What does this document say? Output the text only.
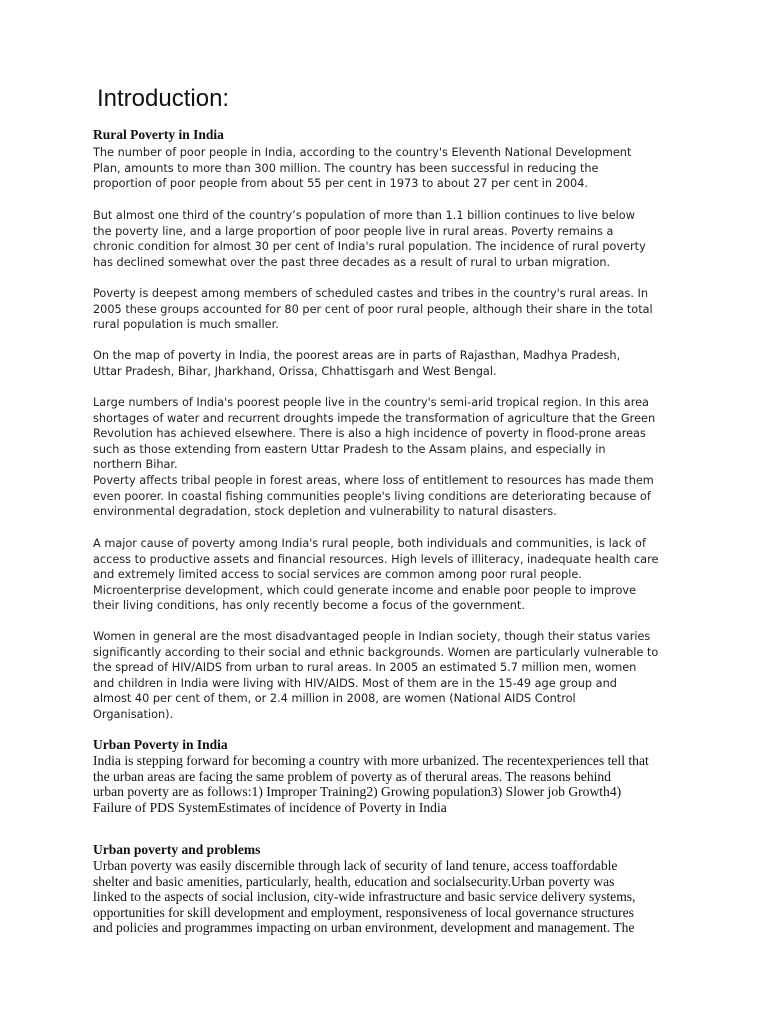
Introduction:
Rural Poverty in India
The number of poor people in India, according to the country's Eleventh National Development
Plan, amounts to more than 300 million. The country has been successful in reducing the
proportion of poor people from about 55 per cent in 1973 to about 27 per cent in 2004.
But almost one third of the country’s population of more than 1.1 billion continues to live below
the poverty line, and a large proportion of poor people live in rural areas. Poverty remains a
chronic condition for almost 30 per cent of India's rural population. The incidence of rural poverty
has declined somewhat over the past three decades as a result of rural to urban migration.
Poverty is deepest among members of scheduled castes and tribes in the country's rural areas. In
2005 these groups accounted for 80 per cent of poor rural people, although their share in the total
rural population is much smaller.
On the map of poverty in India, the poorest areas are in parts of Rajasthan, Madhya Pradesh,
Uttar Pradesh, Bihar, Jharkhand, Orissa, Chhattisgarh and West Bengal.
Large numbers of India's poorest people live in the country's semi-arid tropical region. In this area
shortages of water and recurrent droughts impede the transformation of agriculture that the Green
Revolution has achieved elsewhere. There is also a high incidence of poverty in flood-prone areas
such as those extending from eastern Uttar Pradesh to the Assam plains, and especially in
northern Bihar.
Poverty affects tribal people in forest areas, where loss of entitlement to resources has made them
even poorer. In coastal fishing communities people's living conditions are deteriorating because of
environmental degradation, stock depletion and vulnerability to natural disasters.
A major cause of poverty among India's rural people, both individuals and communities, is lack of
access to productive assets and financial resources. High levels of illiteracy, inadequate health care
and extremely limited access to social services are common among poor rural people.
Microenterprise development, which could generate income and enable poor people to improve
their living conditions, has only recently become a focus of the government.
Women in general are the most disadvantaged people in Indian society, though their status varies
significantly according to their social and ethnic backgrounds. Women are particularly vulnerable to
the spread of HIV/AIDS from urban to rural areas. In 2005 an estimated 5.7 million men, women
and children in India were living with HIV/AIDS. Most of them are in the 15-49 age group and
almost 40 per cent of them, or 2.4 million in 2008, are women (National AIDS Control
Organisation).
Urban Poverty in India
India is stepping forward for becoming a country with more urbanized. The recentexperiences tell that
the urban areas are facing the same problem of poverty as of therural areas. The reasons behind
urban poverty are as follows:1) Improper Training2) Growing population3) Slower job Growth4)
Failure of PDS SystemEstimates of incidence of Poverty in India
Urban poverty and problems
Urban poverty was easily discernible through lack of security of land tenure, access toaffordable
shelter and basic amenities, particularly, health, education and socialsecurity.Urban poverty was
linked to the aspects of social inclusion, city-wide infrastructure and basic service delivery systems,
opportunities for skill development and employment, responsiveness of local governance structures
and policies and programmes impacting on urban environment, development and management. The
